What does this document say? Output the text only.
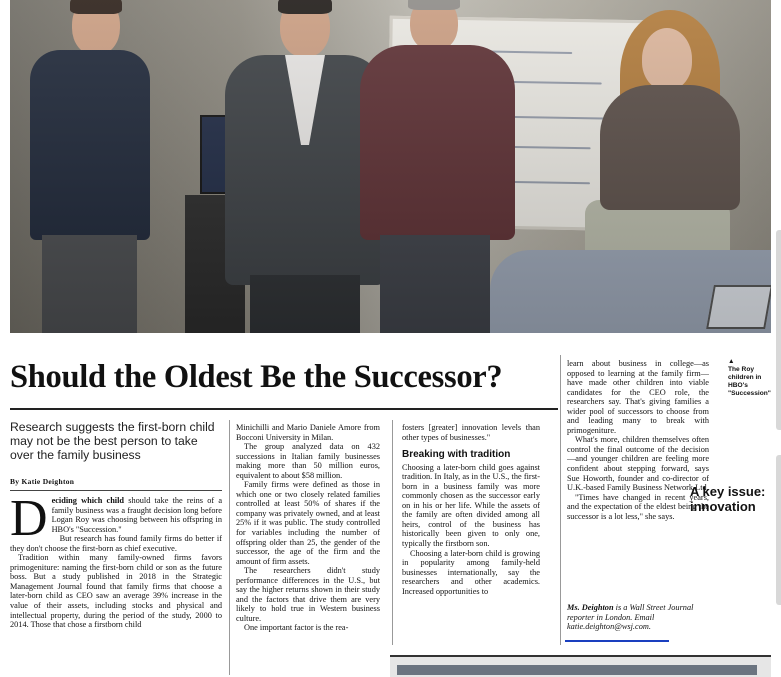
Should the Oldest Be the Successor?
Research suggests the first-born child may not be the best person to take over the family business
By Katie Deighton
D eciding which child should take the reins of a family business was a fraught decision long before Logan Roy was choosing between his offspring in HBO's "Succession."

But research has found family firms do better if they don't choose the first-born as chief executive.

Tradition within many family-owned firms favors primogeniture: naming the first-born child or son as the future boss. But a study published in 2018 in the Strategic Management Journal found that family firms that choose a later-born child as CEO saw an average 39% increase in the value of their assets, including stocks and physical and intellectual property, during the period of the study, 2000 to 2014. Those that chose a firstborn child

Minichilli and Mario Daniele Amore from Bocconi University in Milan.

The group analyzed data on 432 successions in Italian family businesses making more than 50 million euros, equivalent to about $58 million.

Family firms were defined as those in which one or two closely related families controlled at least 50% of shares if the company was privately owned, and at least 25% if it was public. The study controlled for variables including the number of offspring older than 25, the gender of the successor, the age of the firm and the amount of firm assets.

The researchers didn't study performance differences in the U.S., but say the higher returns shown in their study and the factors that drive them are very likely to hold true in Western business culture.

One important factor is the rea-

fosters [greater] innovation levels than other types of businesses."

Breaking with tradition

Choosing a later-born child goes against tradition. In Italy, as in the U.S., the first-born in a business family was more commonly chosen as the successor early on in his or her life. While the assets of the family are often divided among all heirs, control of the business has historically been given to only one, typically the firstborn son.

Choosing a later-born child is growing in popularity among family-held businesses internationally, say the researchers and other academics. Increased opportunities to

learn about business in college—as opposed to learning at the family firm—have made other children into viable candidates for the CEO role, the researchers say. That's giving families a wider pool of successors to choose from and leading many to break with primogeniture.

What's more, children themselves often control the final outcome of the decision—and younger children are feeling more confident about stepping forward, says Sue Howorth, founder and co-director of U.K.-based Family Business Network Ltd.

"Times have changed in recent years, and the expectation of the eldest being the successor is a lot less," she says.

Ms. Deighton is a Wall Street Journal reporter in London. Email katie.deighton@wsj.com.
▲
The Roy children in HBO's "Succession"
A key issue: innovation
